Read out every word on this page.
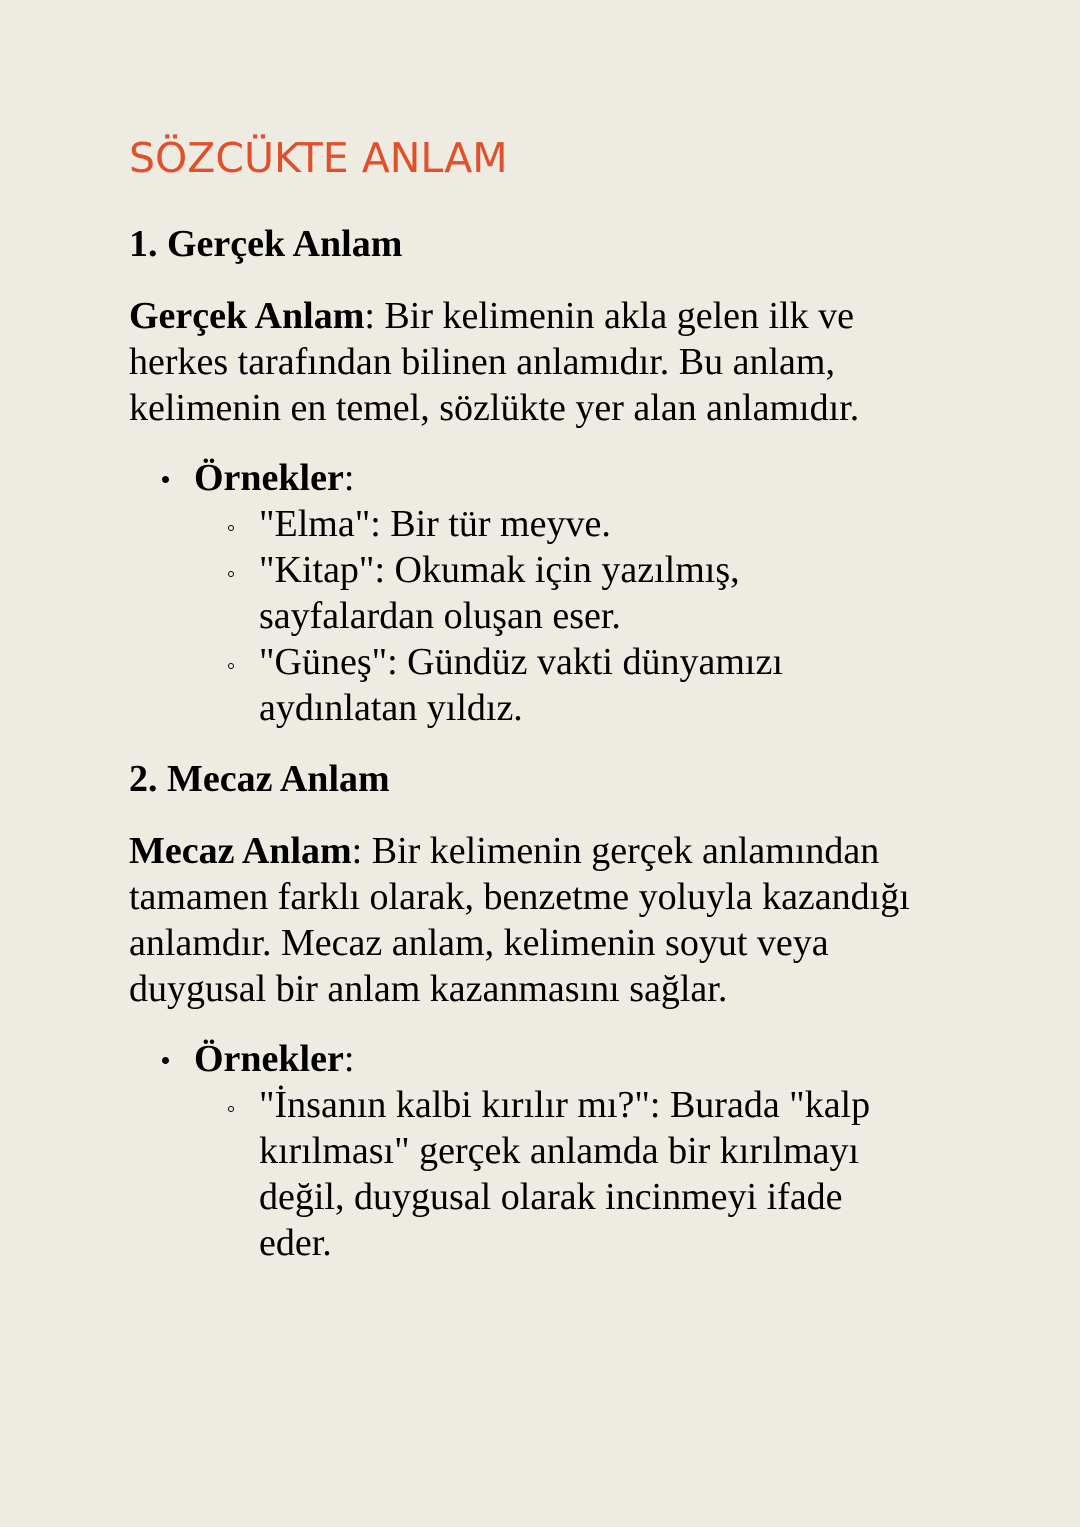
SÖZCÜKTE ANLAM
1. Gerçek Anlam

Gerçek Anlam: Bir kelimenin akla gelen ilk ve herkes tarafından bilinen anlamıdır. Bu anlam, kelimenin en temel, sözlükte yer alan anlamıdır.

Örnekler:
"Elma": Bir tür meyve.
"Kitap": Okumak için yazılmış, sayfalardan oluşan eser.
"Güneş": Gündüz vakti dünyamızı aydınlatan yıldız.
2. Mecaz Anlam

Mecaz Anlam: Bir kelimenin gerçek anlamından tamamen farklı olarak, benzetme yoluyla kazandığı anlamdır. Mecaz anlam, kelimenin soyut veya duygusal bir anlam kazanmasını sağlar.

Örnekler:
"İnsanın kalbi kırılır mı?": Burada "kalp kırılması" gerçek anlamda bir kırılmayı değil, duygusal olarak incinmeyi ifade eder.
